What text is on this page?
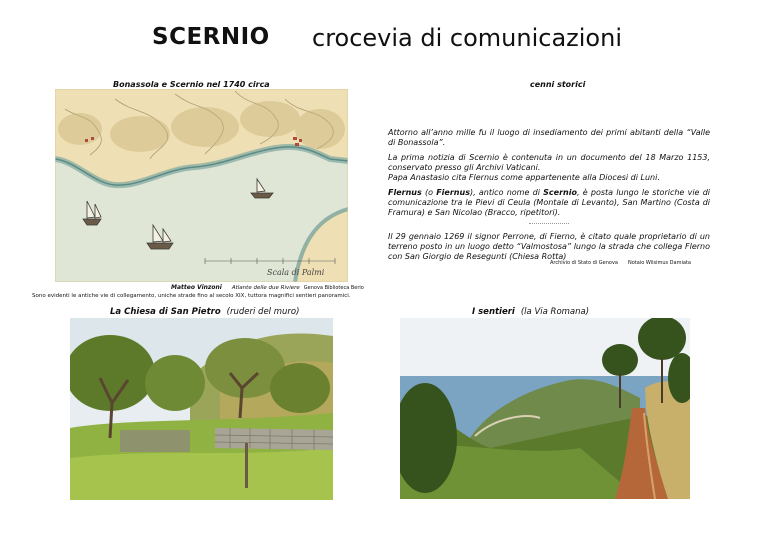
SCERNIO crocevia di comunicazioni
Bonassola e Scernio nel 1740 circa
Scala di Palmi
Matteo Vinzoni Atlante delle due Riviere Genova Biblioteca Berio
Sono evidenti le antiche vie di collegamento, uniche strade fino al secolo XIX, tuttora magnifici sentieri panoramici.
cenni storici

Attorno all’anno mille fu il luogo di insediamento dei primi abitanti della “Valle di Bonassola”.

La prima notizia di Scernio è contenuta in un documento del 18 Marzo 1153, conservato presso gli Archivi Vaticani.
Papa Anastasio cita Flernus come appartenente alla Diocesi di Luni.

Flernus (o Fiernus), antico nome di Scernio, è posta lungo le storiche vie di comunicazione tra le Pievi di Ceula (Montale di Levanto), San Martino (Costa di Framura) e San Nicolao (Bracco, ripetitori).

Il 29 gennaio 1269 il signor Perrone, di Fierno, è citato quale proprietario di un terreno posto in un luogo detto “Valmostosa” lungo la strada che collega Flerno con San Giorgio de Resegunti (Chiesa Rotta)

Archivio di Stato di Genova Notaio Wilsimus Damiata
La Chiesa di San Pietro (ruderi del muro)	I sentieri (la Via Romana)
